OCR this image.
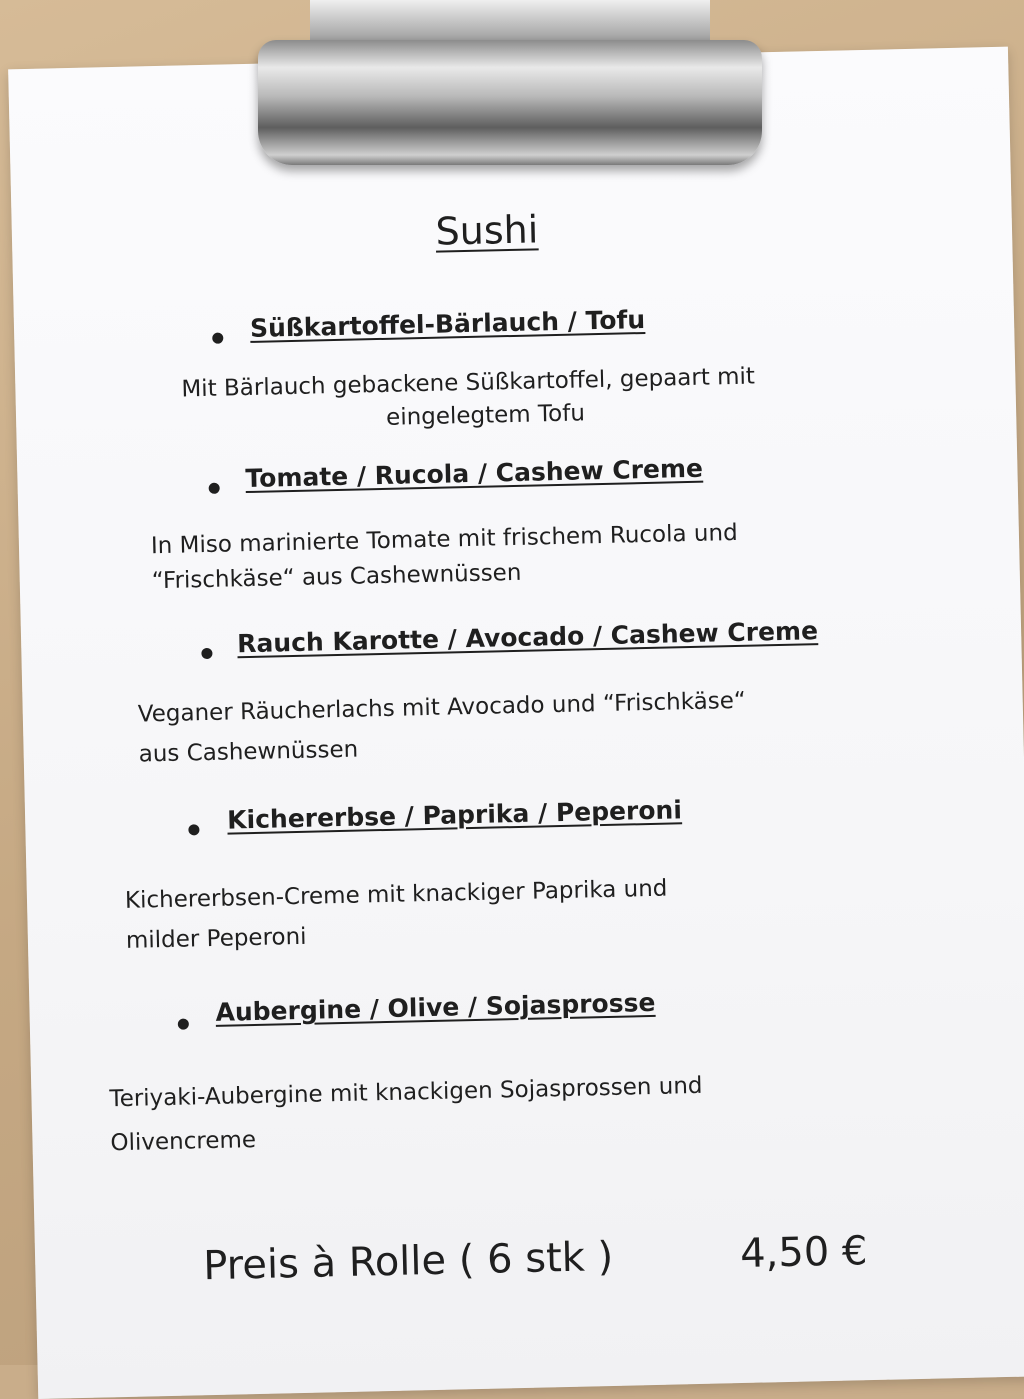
Sushi
Süßkartoffel-Bärlauch / Tofu
Mit Bärlauch gebackene Süßkartoffel, gepaart mit
eingelegtem Tofu
Tomate / Rucola / Cashew Creme
In Miso marinierte Tomate mit frischem Rucola und
“Frischkäse“ aus Cashewnüssen
Rauch Karotte / Avocado / Cashew Creme
Veganer Räucherlachs mit Avocado und “Frischkäse“
aus Cashewnüssen
Kichererbse / Paprika / Peperoni
Kichererbsen-Creme mit knackiger Paprika und
milder Peperoni
Aubergine / Olive / Sojasprosse
Teriyaki-Aubergine mit knackigen Sojasprossen und
Olivencreme
Preis à Rolle ( 6 stk )	4,50 €
